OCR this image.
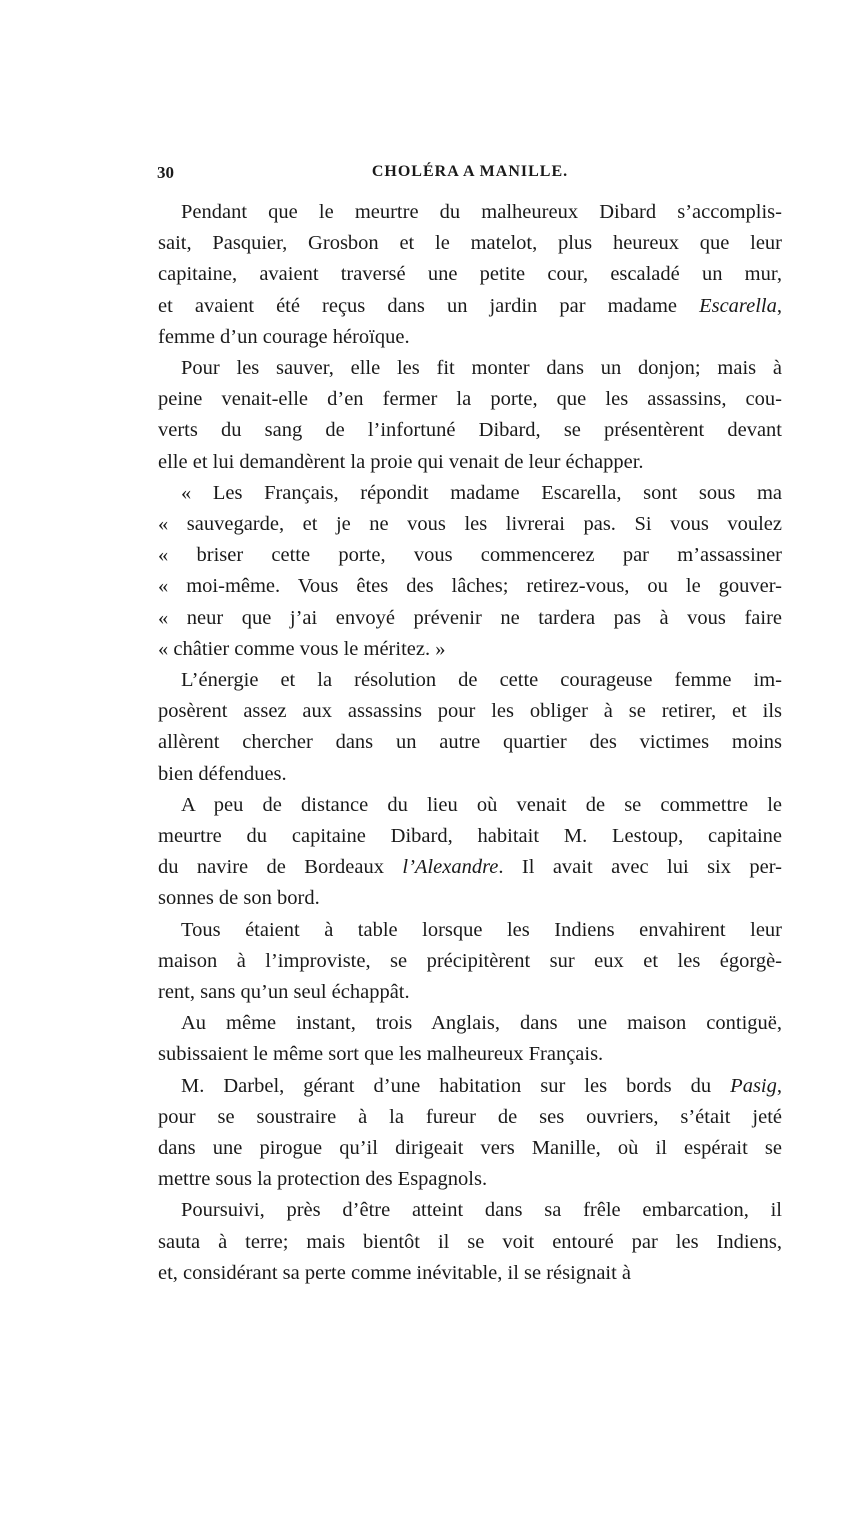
30	CHOLÉRA A MANILLE.
Pendant que le meurtre du malheureux Dibard s’accomplis-
sait, Pasquier, Grosbon et le matelot, plus heureux que leur
capitaine, avaient traversé une petite cour, escaladé un mur,
et avaient été reçus dans un jardin par madame Escarella,
femme d’un courage héroïque.
Pour les sauver, elle les fit monter dans un donjon; mais à
peine venait-elle d’en fermer la porte, que les assassins, cou-
verts du sang de l’infortuné Dibard, se présentèrent devant
elle et lui demandèrent la proie qui venait de leur échapper.
« Les Français, répondit madame Escarella, sont sous ma
« sauvegarde, et je ne vous les livrerai pas. Si vous voulez
« briser cette porte, vous commencerez par m’assassiner
« moi-même. Vous êtes des lâches; retirez-vous, ou le gouver-
« neur que j’ai envoyé prévenir ne tardera pas à vous faire
« châtier comme vous le méritez. »
L’énergie et la résolution de cette courageuse femme im-
posèrent assez aux assassins pour les obliger à se retirer, et ils
allèrent chercher dans un autre quartier des victimes moins
bien défendues.
A peu de distance du lieu où venait de se commettre le
meurtre du capitaine Dibard, habitait M. Lestoup, capitaine
du navire de Bordeaux l’Alexandre. Il avait avec lui six per-
sonnes de son bord.
Tous étaient à table lorsque les Indiens envahirent leur
maison à l’improviste, se précipitèrent sur eux et les égorgè-
rent, sans qu’un seul échappât.
Au même instant, trois Anglais, dans une maison contiguë,
subissaient le même sort que les malheureux Français.
M. Darbel, gérant d’une habitation sur les bords du Pasig,
pour se soustraire à la fureur de ses ouvriers, s’était jeté
dans une pirogue qu’il dirigeait vers Manille, où il espérait se
mettre sous la protection des Espagnols.
Poursuivi, près d’être atteint dans sa frêle embarcation, il
sauta à terre; mais bientôt il se voit entouré par les Indiens,
et, considérant sa perte comme inévitable, il se résignait à
